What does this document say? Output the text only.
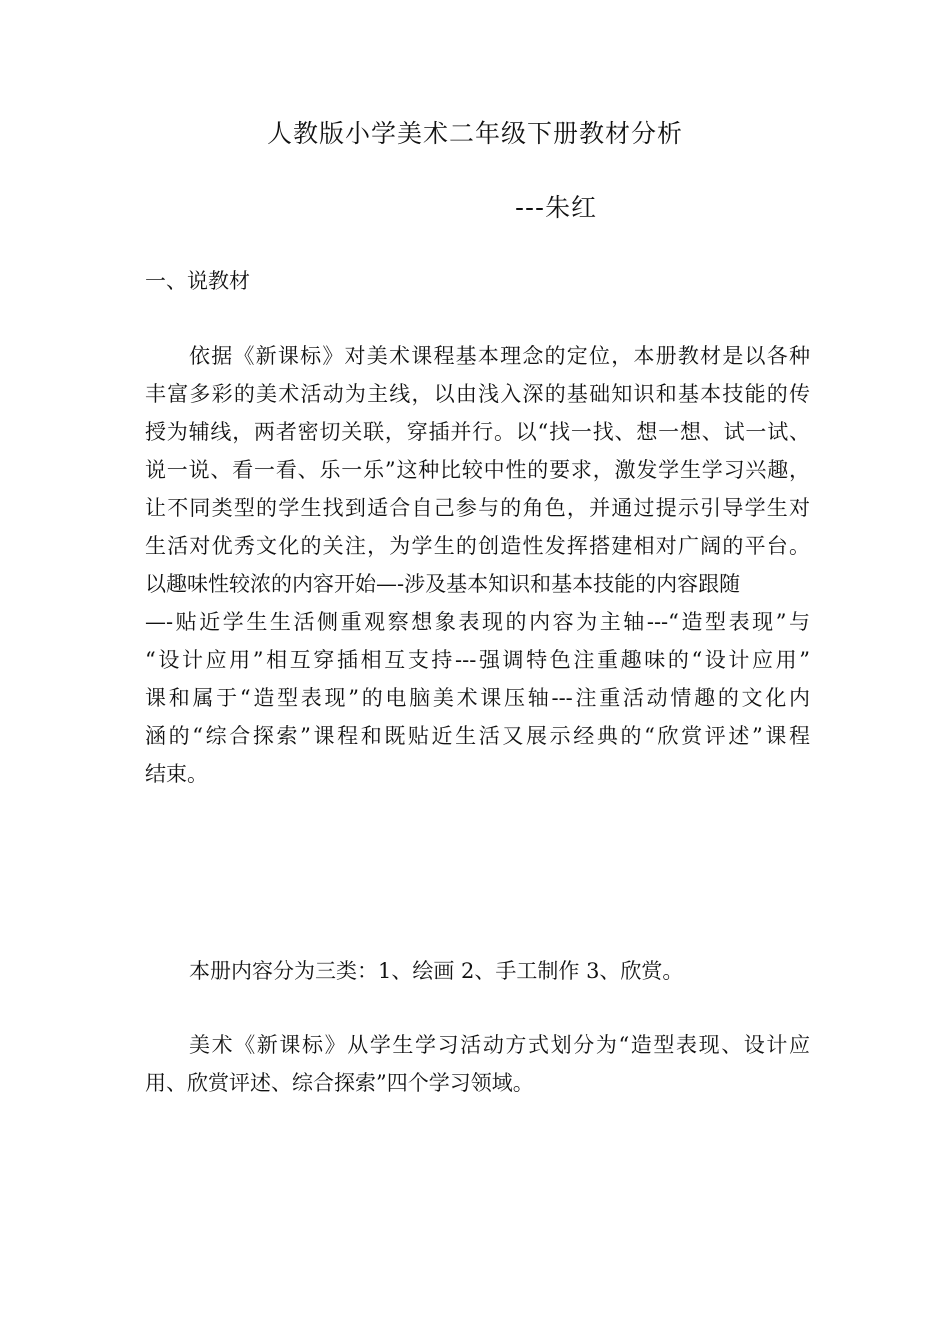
人教版小学美术二年级下册教材分析

---朱红

一、说教材

依据《新课标》对美术课程基本理念的定位，本册教材是以各种
丰富多彩的美术活动为主线，以由浅入深的基础知识和基本技能的传
授为辅线，两者密切关联，穿插并行。以“找一找、想一想、试一试、
说一说、看一看、乐一乐”这种比较中性的要求，激发学生学习兴趣，
让不同类型的学生找到适合自己参与的角色，并通过提示引导学生对
生活对优秀文化的关注，为学生的创造性发挥搭建相对广阔的平台。
以趣味性较浓的内容开始—-涉及基本知识和基本技能的内容跟随
—-贴近学生生活侧重观察想象表现的内容为主轴---“造型表现”与
“设计应用”相互穿插相互支持---强调特色注重趣味的“设计应用”
课和属于“造型表现”的电脑美术课压轴---注重活动情趣的文化内
涵的“综合探索”课程和既贴近生活又展示经典的“欣赏评述”课程
结束。

本册内容分为三类：1、绘画 2、手工制作 3、欣赏。

美术《新课标》从学生学习活动方式划分为“造型表现、设计应
用、欣赏评述、综合探索”四个学习领域。
